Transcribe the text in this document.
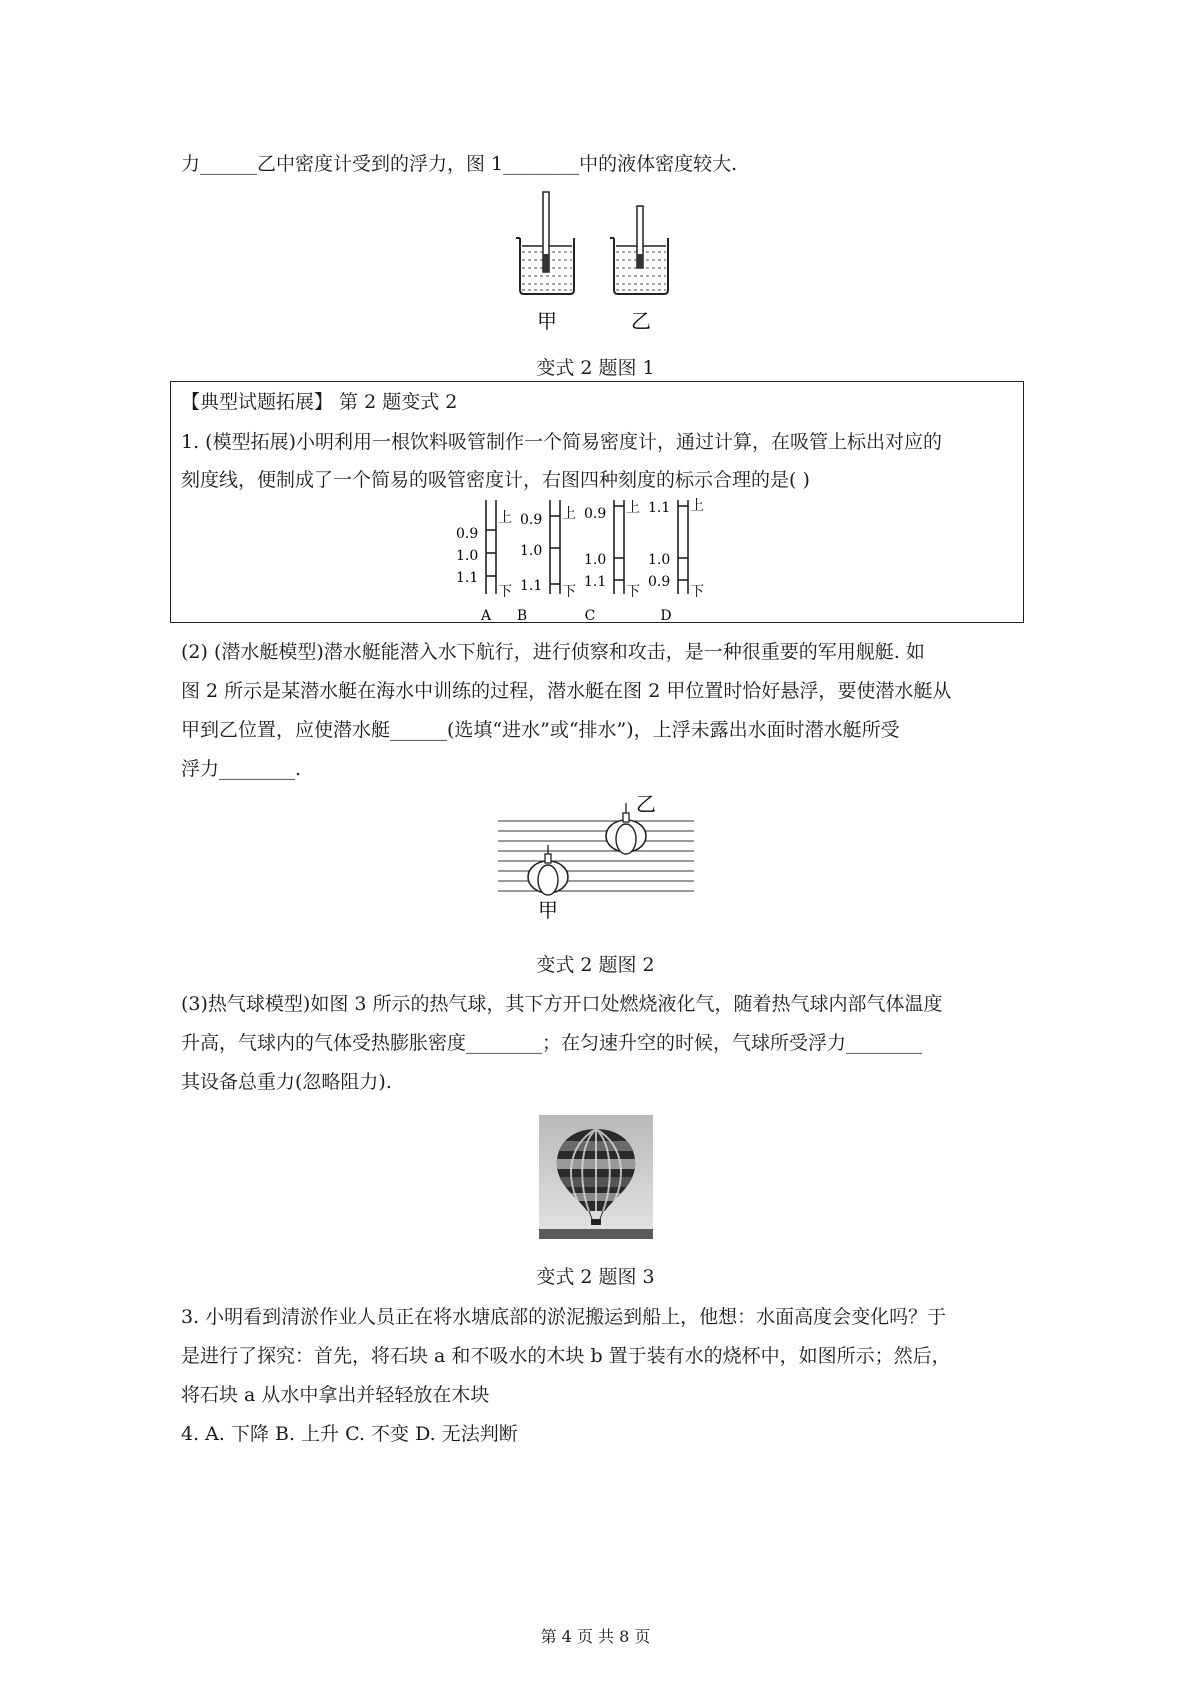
力______乙中密度计受到的浮力，图 1________中的液体密度较大.
甲	乙
变式 2 题图 1
【典型试题拓展】 第 2 题变式 2
1. (模型拓展)小明利用一根饮料吸管制作一个简易密度计，通过计算，在吸管上标出对应的
刻度线，便制成了一个简易的吸管密度计，右图四种刻度的标示合理的是( )
0.9
1.0
1.1
上
下
A
0.9
1.0
1.1
上
下
B
0.9
1.0
1.1
上
下
C
1.1
1.0
0.9
上
下
D
(2) (潜水艇模型)潜水艇能潜入水下航行，进行侦察和攻击，是一种很重要的军用舰艇. 如
图 2 所示是某潜水艇在海水中训练的过程，潜水艇在图 2 甲位置时恰好悬浮，要使潜水艇从
甲到乙位置，应使潜水艇______(选填“进水”或“排水”)，上浮未露出水面时潜水艇所受
浮力________.
乙
甲
变式 2 题图 2
(3)热气球模型)如图 3 所示的热气球，其下方开口处燃烧液化气，随着热气球内部气体温度
升高，气球内的气体受热膨胀密度________；在匀速升空的时候，气球所受浮力________
其设备总重力(忽略阻力).
变式 2 题图 3
3. 小明看到清淤作业人员正在将水塘底部的淤泥搬运到船上，他想：水面高度会变化吗？于
是进行了探究：首先，将石块 a 和不吸水的木块 b 置于装有水的烧杯中，如图所示；然后，
将石块 a 从水中拿出并轻轻放在木块
4. A. 下降 B. 上升 C. 不变 D. 无法判断
第 4 页 共 8 页
